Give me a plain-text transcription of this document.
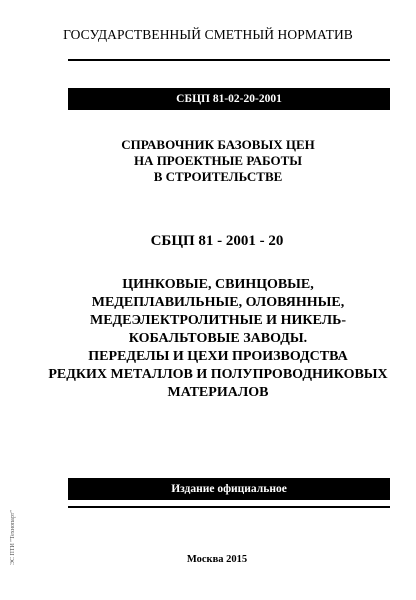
ГОСУДАРСТВЕННЫЙ СМЕТНЫЙ НОРМАТИВ
СБЦП 81-02-20-2001
СПРАВОЧНИК БАЗОВЫХ ЦЕН
НА ПРОЕКТНЫЕ РАБОТЫ
В СТРОИТЕЛЬСТВЕ
СБЦП 81 - 2001 - 20
ЦИНКОВЫЕ, СВИНЦОВЫЕ,
МЕДЕПЛАВИЛЬНЫЕ, ОЛОВЯННЫЕ,
МЕДЕЭЛЕКТРОЛИТНЫЕ И НИКЕЛЬ-
КОБАЛЬТОВЫЕ ЗАВОДЫ.
ПЕРЕДЕЛЫ И ЦЕХИ ПРОИЗВОДСТВА
РЕДКИХ МЕТАЛЛОВ И ПОЛУПРОВОДНИКОВЫХ
МАТЕРИАЛОВ
Издание официальное
Москва 2015
ЭС ПТИ "Технопарт"
